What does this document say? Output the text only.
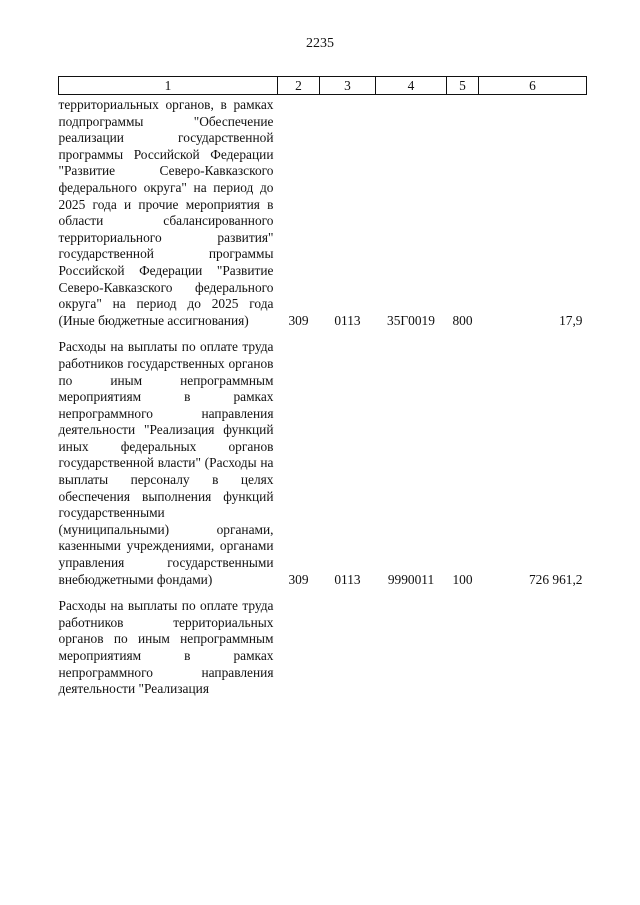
2235
1	2	3	4	5	6
территориальных органов, в рамках подпрограммы "Обеспечение реализации государственной программы Российской Федерации "Развитие Северо-Кавказского федерального округа" на период до 2025 года и прочие мероприятия в области сбалансированного территориального развития" государственной программы Российской Федерации "Развитие Северо-Кавказского федерального округа" на период до 2025 года (Иные бюджетные ассигнования)	309	0113	35Г0019	800	17,9
Расходы на выплаты по оплате труда работников государственных органов по иным непрограммным мероприятиям в рамках непрограммного направления деятельности "Реализация функций иных федеральных органов государственной власти" (Расходы на выплаты персоналу в целях обеспечения выполнения функций государственными (муниципальными) органами, казенными учреждениями, органами управления государственными внебюджетными фондами)	309	0113	9990011	100	726 961,2
Расходы на выплаты по оплате труда работников территориальных органов по иным непрограммным мероприятиям в рамках непрограммного направления деятельности "Реализация					
